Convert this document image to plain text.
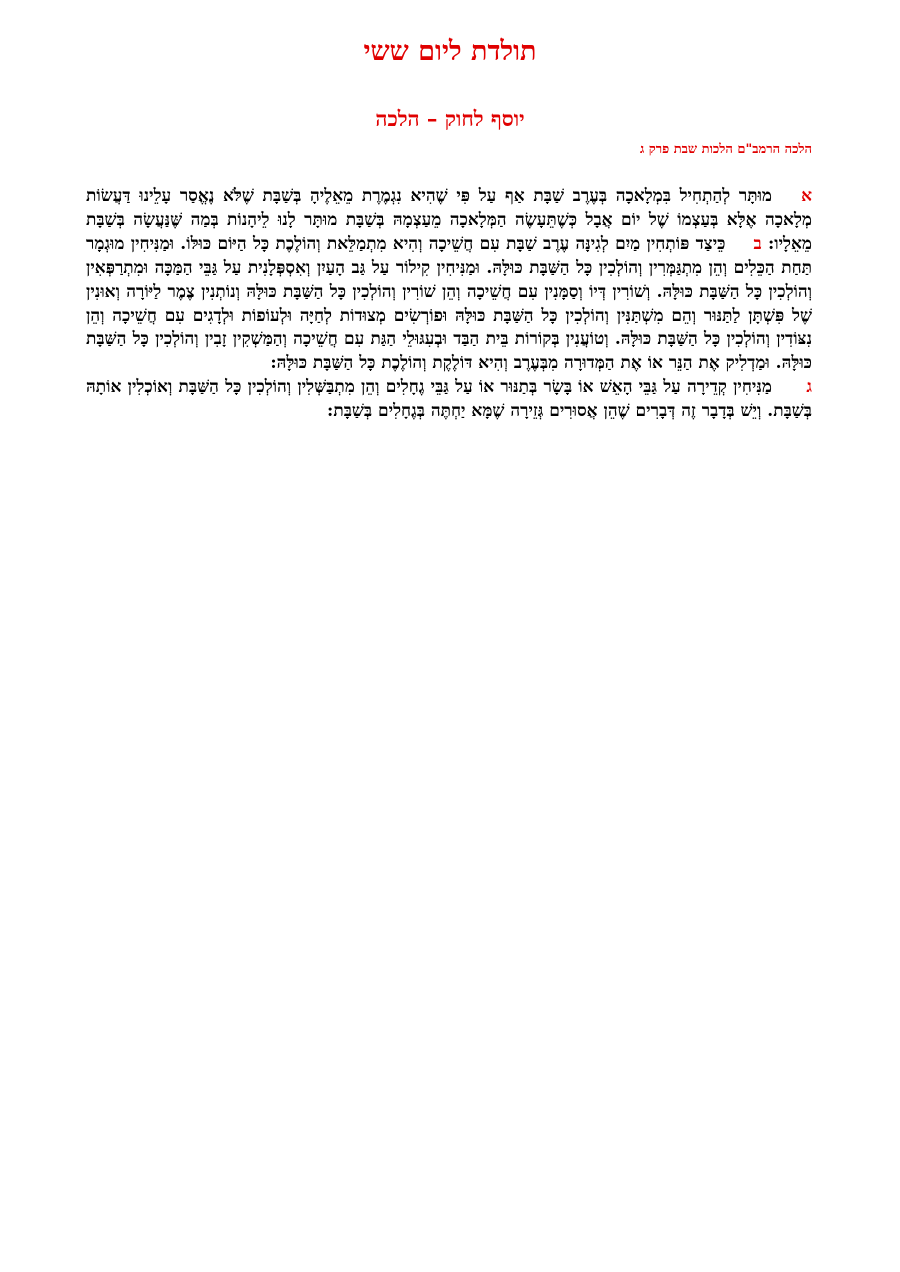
תולדת ליום ששי
יוסף לחוק – הלכה
הלכה הרמב"ם הלכות שבת פרק ג

אמוּתָּר לְהַתְחִיל בִּמְלָאכָה בְּעֶרֶב שַׁבָּת אַף עַל פִּי שֶׁהִיא נִגְמֶרֶת מֵאֵלֶיהָ בְּשַׁבָּת שֶׁלֹּא נֶאֱסַר עָלֵינוּ דַּעֲשׂוֹת מְלָאכָה אֶלָּא בְּעַצְמוֹ שֶׁל יוֹם אֲבָל כְּשֶׁתֵּעָשֶׂה הַמְּלָאכָה מֵעַצְמָהּ בְּשַׁבָּת מוּתָּר לָנוּ לֵיהָנוֹת בְּמַה שֶּׁנַּעֲשָׂה בְּשַׁבָּת מֵאֵלָיו: בכֵּיצַד פּוֹתְחִין מַיִם לְגִינָּה עֶרֶב שַׁבָּת עִם חֲשֵׁיכָה וְהִיא מִתְמַלֵּאת וְהוֹלֶכֶת כָּל הַיּוֹם כּוּלּוֹ. וּמַנִּיחִין מוּגְמָר תַּחַת הַכֵּלִים וְהֵן מִתְגַּמְּרִין וְהוֹלְכִין כָּל הַשַּׁבָּת כּוּלָּהּ. וּמַנִּיחִין קִילוֹר עַל גַּב הָעַיִן וְאִסְפְּלָנִית עַל גַּבֵּי הַמַּכָּה וּמִתְרַפְּאִין וְהוֹלְכִין כָּל הַשַּׁבָּת כּוּלָּהּ. וְשׁוֹרִין דְּיוֹ וְסַמָּנִין עִם חֲשֵׁיכָה וְהֵן שׁוֹרִין וְהוֹלְכִין כָּל הַשַּׁבָּת כּוּלָּהּ וְנוֹתְנִין צֶמֶר לַיּוֹרָה וְאוּנִין שֶׁל פִּשְׁתָּן לַתַּנּוּר וְהֵם מִשְׁתַּנִּין וְהוֹלְכִין כָּל הַשַּׁבָּת כּוּלָּהּ וּפוֹרְשִׂים מְצוּדוֹת לְחַיָּה וּלְעוֹפוֹת וּלְדָגִים עִם חֲשֵׁיכָה וְהֵן נִצּוֹדִין וְהוֹלְכִין כָּל הַשַּׁבָּת כּוּלָּהּ. וְטוֹעֲנִין בְּקוֹרוֹת בֵּית הַבַּד וּבְעִגּוּלֵי הַגַּת עִם חֲשֵׁיכָה וְהַמַּשְׁקִין זָבִין וְהוֹלְכִין כָּל הַשַּׁבָּת כּוּלָּהּ. וּמַדְלִיק אֶת הַנֵּר אוֹ אֶת הַמְּדוּרָה מִבְּעֶרֶב וְהִיא דּוֹלֶקֶת וְהוֹלֶכֶת כָּל הַשַּׁבָּת כּוּלָּהּ:

גמַנִּיחִין קְדֵירָה עַל גַּבֵּי הָאֵשׁ אוֹ בָּשָׂר בְּתַנּוּר אוֹ עַל גַּבֵּי גֶחָלִים וְהֵן מִתְבַּשְּׁלִין וְהוֹלְכִין כָּל הַשַּׁבָּת וְאוֹכְלִין אוֹתָהּ בְּשַׁבָּת. וְיֵשׁ בְּדָבָר זֶה דְּבָרִים שֶׁהֵן אֲסוּרִים גְּזֵירָה שֶׁמָּא יַחְתֶּה בְּגֶחָלִים בְּשַׁבָּת:
